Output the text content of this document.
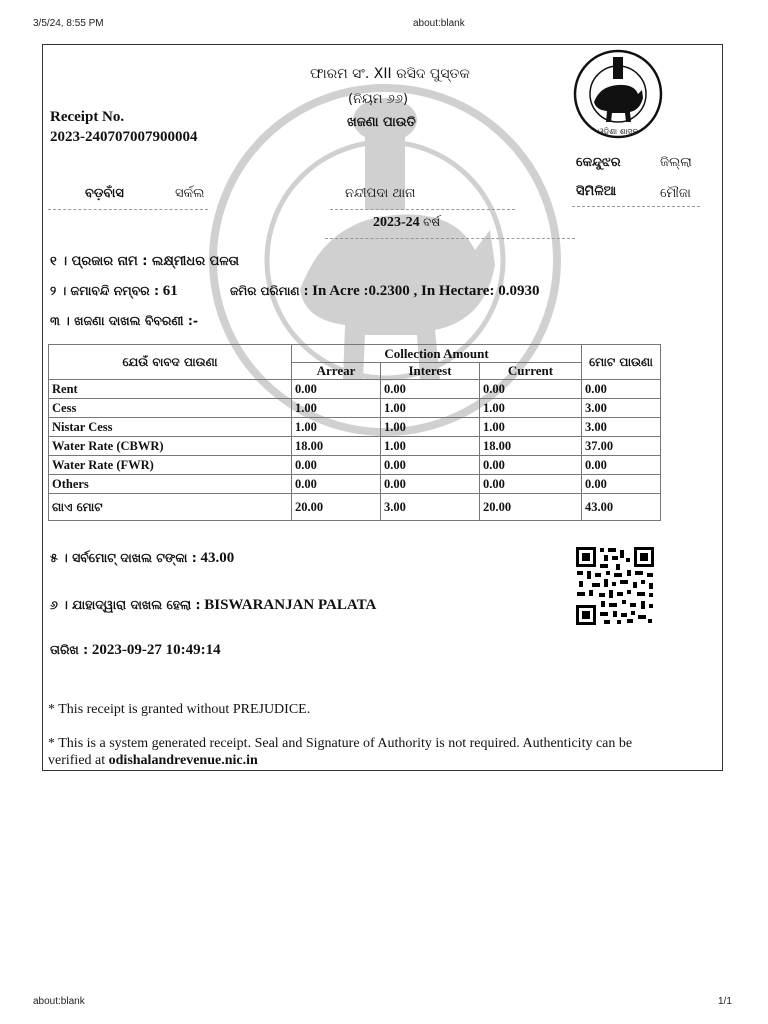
3/5/24, 8:55 PM	about:blank
about:blank	1/1
ଓଡ଼ିଶା ଶାସନ
ଫାରମ ସଂ. XII ରସିଦ ପୁସ୍ତକ
(ନିୟମ ୬୬)
ଖଜଣା ପାଉତି
Receipt No.
2023-240707007900004
କେନ୍ଦୁଝର	ଜିଲ୍ଲା
ବଡ଼ବାଁସ	ସର୍କଲ	ନନ୍ଦୀପଦା ଥାନା	ସିମିଳିଆ	ମୌଜା
2023-24 ବର୍ଷ
୧ । ପ୍ରଜାର ନାମ : ଲକ୍ଷ୍ମୀଧର ପଳତା
୨ । ଜମାବନ୍ଦି ନମ୍ବର : 61	ଜମିର ପରିମାଣ : In Acre :0.2300 , In Hectare: 0.0930
୩ । ଖଜଣା ଦାଖଲ ବିବରଣୀ :-
ଯେଉଁ ବାବଦ ପାଉଣା	Collection Amount			ମୋଟ ପାଉଣା
	Arrear	Interest	Current	
Rent	0.00	0.00	0.00	0.00
Cess	1.00	1.00	1.00	3.00
Nistar Cess	1.00	1.00	1.00	3.00
Water Rate (CBWR)	18.00	1.00	18.00	37.00
Water Rate (FWR)	0.00	0.00	0.00	0.00
Others	0.00	0.00	0.00	0.00
ଗାଏ ମୋଟ	20.00	3.00	20.00	43.00
୫ । ସର୍ବମୋଟ୍ ଦାଖଲ ଟଙ୍କା : 43.00
୬ । ଯାହାଦ୍ୱାରା ଦାଖଲ ହେଲା : BISWARANJAN PALATA
ତାରିଖ : 2023-09-27 10:49:14
* This receipt is granted without PREJUDICE.
* This is a system generated receipt. Seal and Signature of Authority is not required. Authenticity can be
verified at odishalandrevenue.nic.in
